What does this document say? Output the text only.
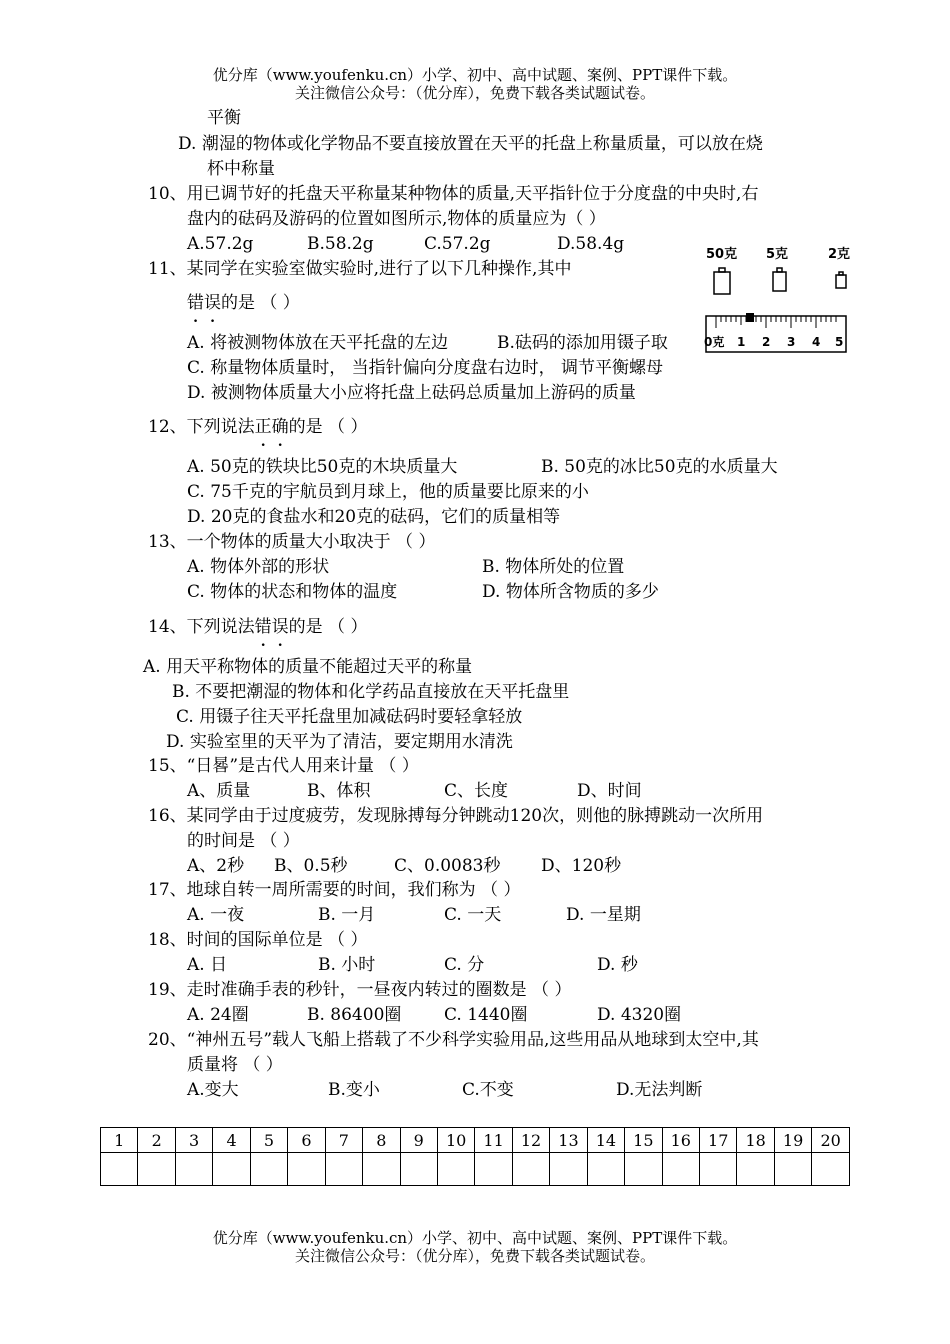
优分库（www.youfenku.cn）小学、初中、高中试题、案例、PPT课件下载。
关注微信公众号：（优分库），免费下载各类试题试卷。
平衡
D. 潮湿的物体或化学物品不要直接放置在天平的托盘上称量质量，可以放在烧
杯中称量
10、用已调节好的托盘天平称量某种物体的质量,天平指针位于分度盘的中央时,右
盘内的砝码及游码的位置如图所示,物体的质量应为（ ）
A.57.2g	B.58.2g	C.57.2g	D.58.4g
50克 5克	2克
0克 1 2 3 4 5
11、某同学在实验室做实验时,进行了以下几种操作,其中
错误的是 （ ）
A. 将被测物体放在天平托盘的左边	B.砝码的添加用镊子取
C. 称量物体质量时， 当指针偏向分度盘右边时， 调节平衡螺母
D. 被测物体质量大小应将托盘上砝码总质量加上游码的质量
12、下列说法正确的是 （ ）
A. 50克的铁块比50克的木块质量大	B. 50克的冰比50克的水质量大
C. 75千克的宇航员到月球上，他的质量要比原来的小
D. 20克的食盐水和20克的砝码，它们的质量相等
13、一个物体的质量大小取决于 （ ）
A. 物体外部的形状	B. 物体所处的位置
C. 物体的状态和物体的温度	D. 物体所含物质的多少
14、下列说法错误的是 （ ）
A. 用天平称物体的质量不能超过天平的称量
B. 不要把潮湿的物体和化学药品直接放在天平托盘里
C. 用镊子往天平托盘里加减砝码时要轻拿轻放
D. 实验室里的天平为了清洁，要定期用水清洗
15、“日晷”是古代人用来计量 （ ）
A、质量	B、体积	C、长度	D、时间
16、某同学由于过度疲劳，发现脉搏每分钟跳动120次，则他的脉搏跳动一次所用
的时间是 （ ）
A、2秒 B、0.5秒	C、0.0083秒 D、120秒
17、地球自转一周所需要的时间，我们称为 （ ）
A. 一夜	B. 一月	C. 一天	D. 一星期
18、时间的国际单位是 （ ）
A. 日	B. 小时	C. 分	D. 秒
19、走时准确手表的秒针，一昼夜内转过的圈数是 （ ）
A. 24圈	B. 86400圈	C. 1440圈	D. 4320圈
20、“神州五号”载人飞船上搭载了不少科学实验用品,这些用品从地球到太空中,其
质量将 （ ）
A.变大	B.变小	C.不变	D.无法判断
1	2	3	4	5	6	7	8	9	10	11	12	13	14	15	16	17	18	19	20

优分库（www.youfenku.cn）小学、初中、高中试题、案例、PPT课件下载。
关注微信公众号：（优分库），免费下载各类试题试卷。
